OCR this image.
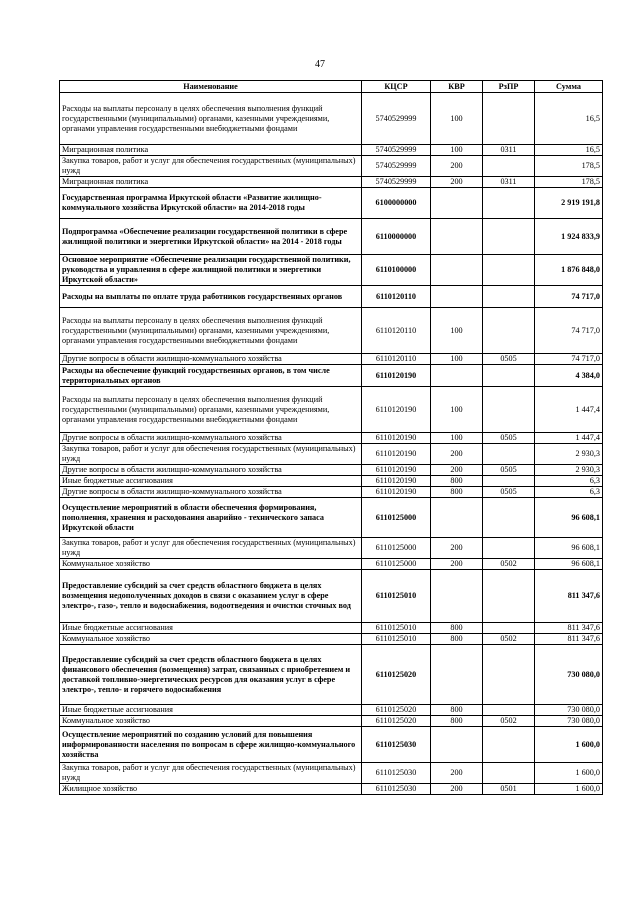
47
Наименование	КЦСР	КВР	РзПР	Сумма
Расходы на выплаты персоналу в целях обеспечения выполнения функций государственными (муниципальными) органами, казенными учреждениями, органами управления государственными внебюджетными фондами	5740529999	100		16,5
Миграционная политика	5740529999	100	0311	16,5
Закупка товаров, работ и услуг для обеспечения государственных (муниципальных) нужд	5740529999	200		178,5
Миграционная политика	5740529999	200	0311	178,5
Государственная программа Иркутской области «Развитие жилищно-коммунального хозяйства Иркутской области» на 2014-2018 годы	6100000000			2 919 191,8
Подпрограмма «Обеспечение реализации государственной политики в сфере жилищной политики и энергетики Иркутской области» на 2014 - 2018 годы	6110000000			1 924 833,9
Основное мероприятие «Обеспечение реализации государственной политики, руководства и управления в сфере жилищной политики и энергетики Иркутской области»	6110100000			1 876 848,0
Расходы на выплаты по оплате труда работников государственных органов	6110120110			74 717,0
Расходы на выплаты персоналу в целях обеспечения выполнения функций государственными (муниципальными) органами, казенными учреждениями, органами управления государственными внебюджетными фондами	6110120110	100		74 717,0
Другие вопросы в области жилищно-коммунального хозяйства	6110120110	100	0505	74 717,0
Расходы на обеспечение функций государственных органов, в том числе территориальных органов	6110120190			4 384,0
Расходы на выплаты персоналу в целях обеспечения выполнения функций государственными (муниципальными) органами, казенными учреждениями, органами управления государственными внебюджетными фондами	6110120190	100		1 447,4
Другие вопросы в области жилищно-коммунального хозяйства	6110120190	100	0505	1 447,4
Закупка товаров, работ и услуг для обеспечения государственных (муниципальных) нужд	6110120190	200		2 930,3
Другие вопросы в области жилищно-коммунального хозяйства	6110120190	200	0505	2 930,3
Иные бюджетные ассигнования	6110120190	800		6,3
Другие вопросы в области жилищно-коммунального хозяйства	6110120190	800	0505	6,3
Осуществление мероприятий в области обеспечения формирования, пополнения, хранения и расходования аварийно - технического запаса Иркутской области	6110125000			96 608,1
Закупка товаров, работ и услуг для обеспечения государственных (муниципальных) нужд	6110125000	200		96 608,1
Коммунальное хозяйство	6110125000	200	0502	96 608,1
Предоставление субсидий за счет средств областного бюджета в целях возмещения недополученных доходов в связи с оказанием услуг в сфере электро-, газо-, тепло и водоснабжения, водоотведения и очистки сточных вод	6110125010			811 347,6
Иные бюджетные ассигнования	6110125010	800		811 347,6
Коммунальное хозяйство	6110125010	800	0502	811 347,6
Предоставление субсидий за счет средств областного бюджета в целях финансового обеспечения (возмещения) затрат, связанных с приобретением и доставкой топливно-энергетических ресурсов для оказания услуг в сфере электро-, тепло- и горячего водоснабжения	6110125020			730 080,0
Иные бюджетные ассигнования	6110125020	800		730 080,0
Коммунальное хозяйство	6110125020	800	0502	730 080,0
Осуществление мероприятий по созданию условий для повышения информированности населения по вопросам в сфере жилищно-коммунального хозяйства	6110125030			1 600,0
Закупка товаров, работ и услуг для обеспечения государственных (муниципальных) нужд	6110125030	200		1 600,0
Жилищное хозяйство	6110125030	200	0501	1 600,0
